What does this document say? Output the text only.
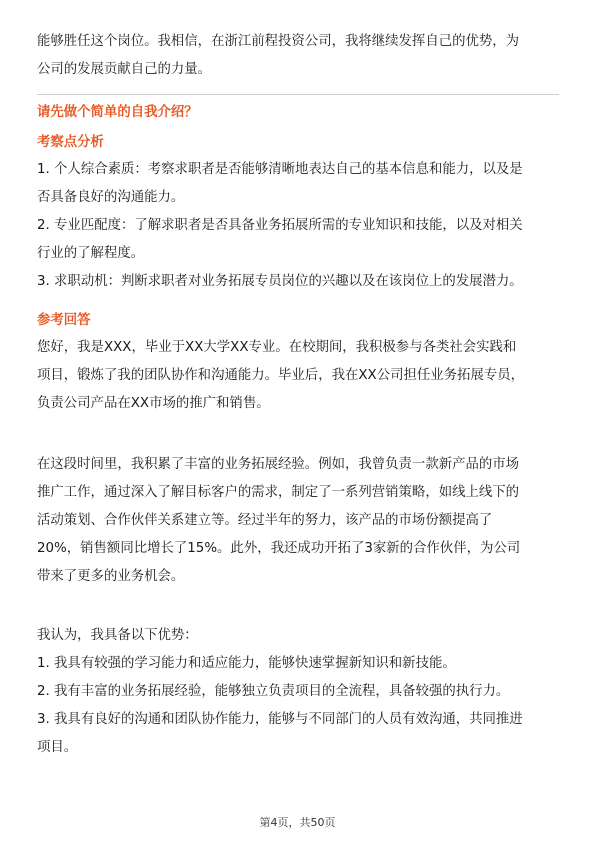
能够胜任这个岗位。我相信，在浙江前程投资公司，我将继续发挥自己的优势，为
公司的发展贡献自己的力量。
请先做个简单的自我介绍？
考察点分析
1. 个人综合素质：考察求职者是否能够清晰地表达自己的基本信息和能力，以及是
否具备良好的沟通能力。
2. 专业匹配度：了解求职者是否具备业务拓展所需的专业知识和技能，以及对相关
行业的了解程度。
3. 求职动机：判断求职者对业务拓展专员岗位的兴趣以及在该岗位上的发展潜力。
参考回答
您好，我是XXX，毕业于XX大学XX专业。在校期间，我积极参与各类社会实践和
项目，锻炼了我的团队协作和沟通能力。毕业后，我在XX公司担任业务拓展专员，
负责公司产品在XX市场的推广和销售。
在这段时间里，我积累了丰富的业务拓展经验。例如，我曾负责一款新产品的市场
推广工作，通过深入了解目标客户的需求，制定了一系列营销策略，如线上线下的
活动策划、合作伙伴关系建立等。经过半年的努力，该产品的市场份额提高了
20%，销售额同比增长了15%。此外，我还成功开拓了3家新的合作伙伴，为公司
带来了更多的业务机会。
我认为，我具备以下优势：
1. 我具有较强的学习能力和适应能力，能够快速掌握新知识和新技能。
2. 我有丰富的业务拓展经验，能够独立负责项目的全流程，具备较强的执行力。
3. 我具有良好的沟通和团队协作能力，能够与不同部门的人员有效沟通，共同推进
项目。
第4页，共50页
